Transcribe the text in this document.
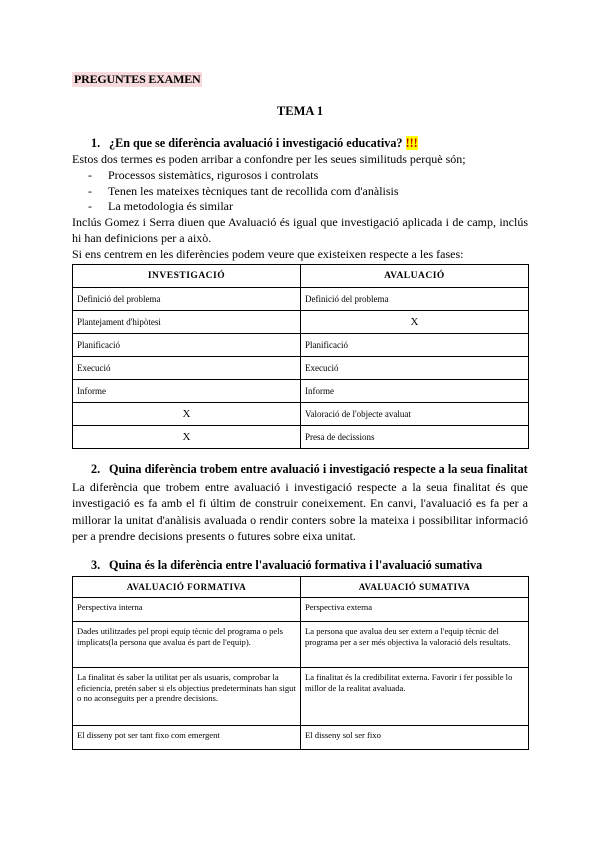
PREGUNTES EXAMEN
TEMA 1
1. ¿En que se diferència avaluació i investigació educativa? !!!
Estos dos termes es poden arribar a confondre per les seues similituds perquè són;
-	Processos sistemàtics, rigurosos i controlats
-	Tenen les mateixes tècniques tant de recollida com d'anàlisis
-	La metodologia és similar
Inclús Gomez i Serra diuen que Avaluació és igual que investigació aplicada i de camp, inclús hi han definicions per a això.
Si ens centrem en les diferències podem veure que existeixen respecte a les fases:
INVESTIGACIÓ	AVALUACIÓ
Definició del problema	Definició del problema
Plantejament d'hipòtesi	X
Planificació	Planificació
Execució	Execució
Informe	Informe
X	Valoració de l'objecte avaluat
X	Presa de decissions
2. Quina diferència trobem entre avaluació i investigació respecte a la seua finalitat
La diferència que trobem entre avaluació i investigació respecte a la seua finalitat és que investigació es fa amb el fi últim de construir coneixement. En canvi, l'avaluació es fa per a millorar la unitat d'anàlisis avaluada o rendir conters sobre la mateixa i possibilitar informació per a prendre decisions presents o futures sobre eixa unitat.
3. Quina és la diferència entre l'avaluació formativa i l'avaluació sumativa
AVALUACIÓ FORMATIVA	AVALUACIÓ SUMATIVA
Perspectiva interna	Perspectiva externa
Dades utilitzades pel propi equip tècnic del programa o pels implicats(la persona que avalua és part de l'equip).	La persona que avalua deu ser extern a l'equip tècnic del programa per a ser més objectiva la valoració dels resultats.
La finalitat és saber la utilitat per als usuaris, comprobar la eficiencia, pretén saber si els objectius predeterminats han sigut o no aconseguits per a prendre decisions.	La finalitat és la credibilitat externa. Favorir i fer possible lo millor de la realitat avaluada.
El disseny pot ser tant fixo com emergent	El disseny sol ser fixo
